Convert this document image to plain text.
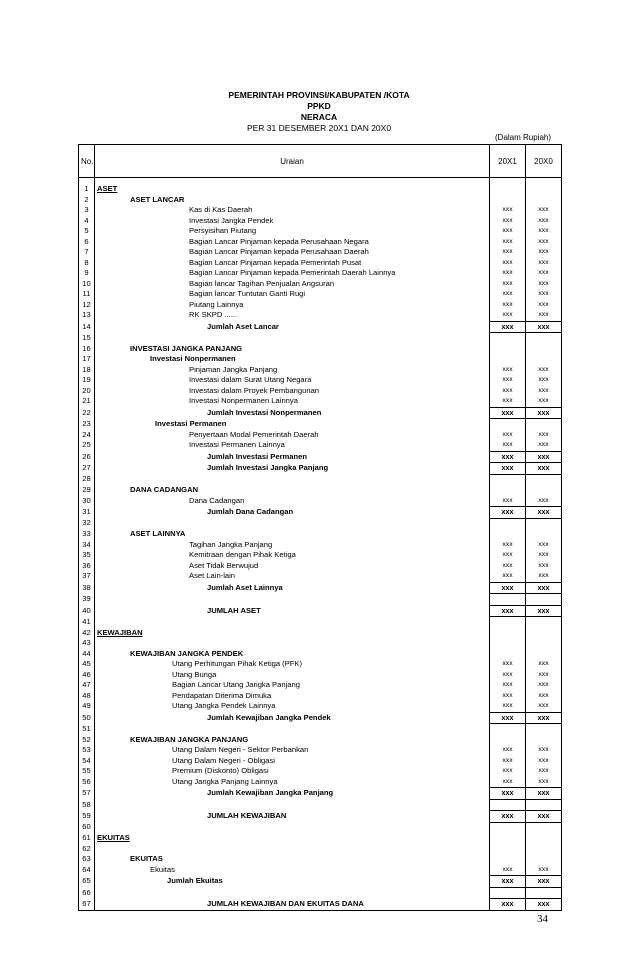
PEMERINTAH PROVINSI/KABUPATEN /KOTA
PPKD
NERACA
PER 31 DESEMBER 20X1 DAN 20X0
(Dalam Rupiah)
No.	Uraian	20X1	20X0

1	ASET		
2	ASET LANCAR		
3	Kas di Kas Daerah	xxx	xxx
4	Investasi Jangka Pendek	xxx	xxx
5	Persyisihan Piutang	xxx	xxx
6	Bagian Lancar Pinjaman kepada Perusahaan Negara	xxx	xxx
7	Bagian Lancar Pinjaman kepada Perusahaan Daerah	xxx	xxx
8	Bagian Lancar Pinjaman kepada Pemerintah Pusat	xxx	xxx
9	Bagian Lancar Pinjaman kepada Pemerintah Daerah Lainnya	xxx	xxx
10	Bagian lancar Tagihan Penjualan Angsuran	xxx	xxx
11	Bagian lancar Tuntutan Ganti Rugi	xxx	xxx
12	Piutang Lainnya	xxx	xxx
13	RK SKPD ......	xxx	xxx
14	Jumlah Aset Lancar	xxx	xxx
15			
16	INVESTASI JANGKA PANJANG		
17	Investasi Nonpermanen		
18	Pinjaman Jangka Panjang	xxx	xxx
19	Investasi dalam Surat Utang Negara	xxx	xxx
20	Investasi dalam Proyek Pembangunan	xxx	xxx
21	Investasi Nonpermanen Lainnya	xxx	xxx
22	Jumlah Investasi Nonpermanen	xxx	xxx
23	Investasi Permanen		
24	Penyertaan Modal Pemerintah Daerah	xxx	xxx
25	Investasi Permanen Lainnya	xxx	xxx
26	Jumlah Investasi Permanen	xxx	xxx
27	Jumlah Investasi Jangka Panjang	xxx	xxx
28			
29	DANA CADANGAN		
30	Dana Cadangan	xxx	xxx
31	Jumlah Dana Cadangan	xxx	xxx
32			
33	ASET LAINNYA		
34	Tagihan Jangka Panjang	xxx	xxx
35	Kemitraan dengan Pihak Ketiga	xxx	xxx
36	Aset Tidak Berwujud	xxx	xxx
37	Aset Lain-lain	xxx	xxx
38	Jumlah Aset Lainnya	xxx	xxx
39			
40	JUMLAH ASET	xxx	xxx
41			
42	KEWAJIBAN		
43			
44	KEWAJIBAN JANGKA PENDEK		
45	Utang Perhitungan Pihak Ketiga (PFK)	xxx	xxx
46	Utang Bunga	xxx	xxx
47	Bagian Lancar Utang Jangka Panjang	xxx	xxx
48	Pendapatan Diterima Dimuka	xxx	xxx
49	Utang Jangka Pendek Lainnya	xxx	xxx
50	Jumlah Kewajiban Jangka Pendek	xxx	xxx
51			
52	KEWAJIBAN JANGKA PANJANG		
53	Utang Dalam Negeri - Sektor Perbankan	xxx	xxx
54	Utang Dalam Negeri - Obligasi	xxx	xxx
55	Premium (Diskonto) Obligasi	xxx	xxx
56	Utang Jangka Panjang Lainnya	xxx	xxx
57	Jumlah Kewajiban Jangka Panjang	xxx	xxx
58			
59	JUMLAH KEWAJIBAN	xxx	xxx
60			
61	EKUITAS		
62			
63	EKUITAS		
64	Ekuitas	xxx	xxx
65	Jumlah Ekuitas	xxx	xxx
66			
67	JUMLAH KEWAJIBAN DAN EKUITAS DANA	xxx	xxx
34
